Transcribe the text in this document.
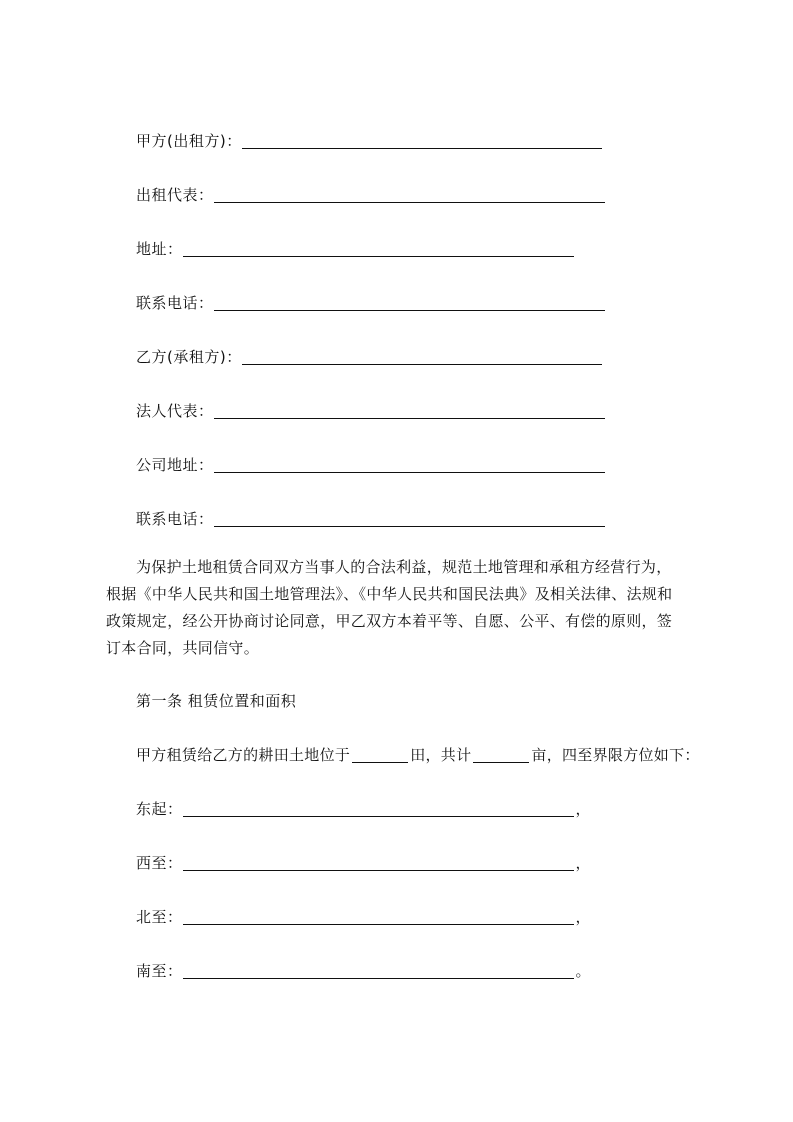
甲方(出租方)：
出租代表：
地址：
联系电话：
乙方(承租方)：
法人代表：
公司地址：
联系电话：
为保护土地租赁合同双方当事人的合法利益，规范土地管理和承租方经营行为，
根据《中华人民共和国土地管理法》、《中华人民共和国民法典》及相关法律、法规和
政策规定，经公开协商讨论同意，甲乙双方本着平等、自愿、公平、有偿的原则，签
订本合同，共同信守。
第一条 租赁位置和面积
甲方租赁给乙方的耕田土地位于	田，共计	亩，四至界限方位如下：
东起：	，
西至：	，
北至：	，
南至：	。
